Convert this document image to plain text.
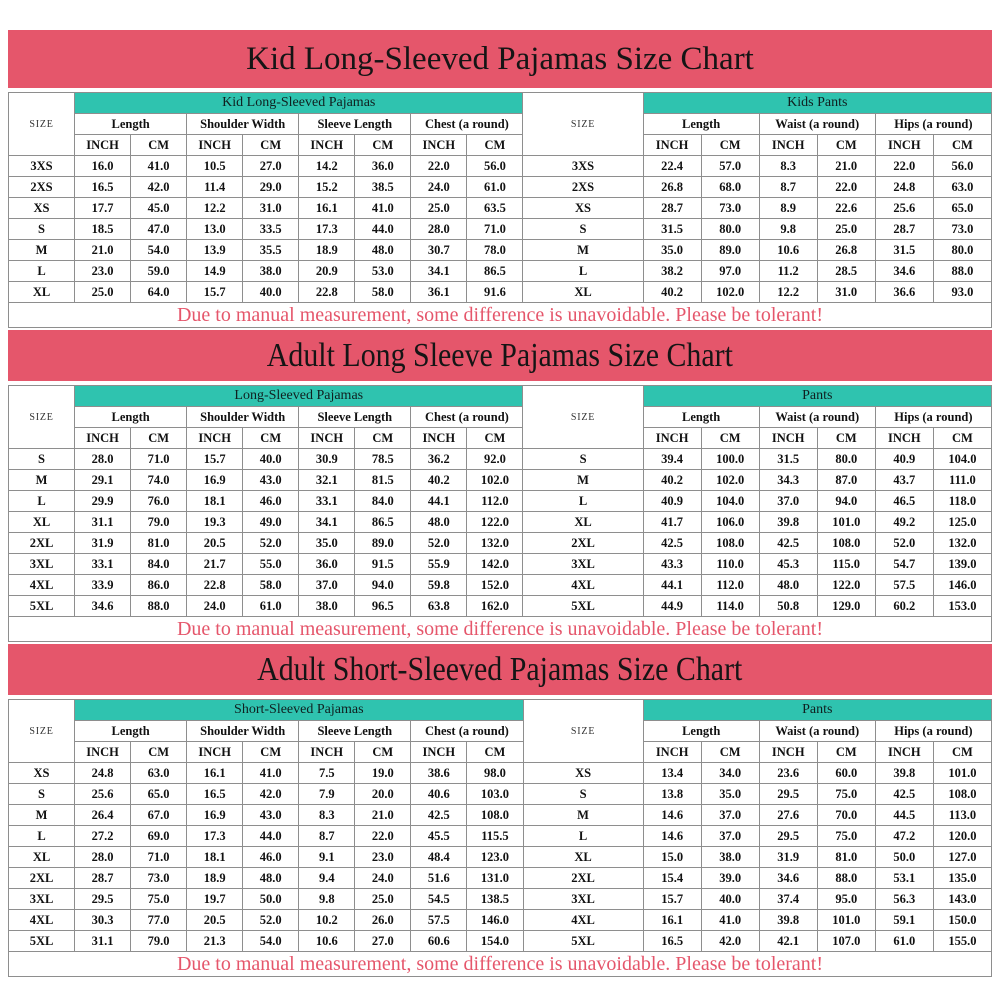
Kid Long-Sleeved Pajamas Size Chart
SIZE	Kid Long-Sleeved Pajamas								SIZE	Kids Pants					
	Length		Shoulder Width		Sleeve Length		Chest (a round)			Length		Waist (a round)		Hips (a round)	
	INCH	CM	INCH	CM	INCH	CM	INCH	CM		INCH	CM	INCH	CM	INCH	CM
3XS	16.0	41.0	10.5	27.0	14.2	36.0	22.0	56.0	3XS	22.4	57.0	8.3	21.0	22.0	56.0
2XS	16.5	42.0	11.4	29.0	15.2	38.5	24.0	61.0	2XS	26.8	68.0	8.7	22.0	24.8	63.0
XS	17.7	45.0	12.2	31.0	16.1	41.0	25.0	63.5	XS	28.7	73.0	8.9	22.6	25.6	65.0
S	18.5	47.0	13.0	33.5	17.3	44.0	28.0	71.0	S	31.5	80.0	9.8	25.0	28.7	73.0
M	21.0	54.0	13.9	35.5	18.9	48.0	30.7	78.0	M	35.0	89.0	10.6	26.8	31.5	80.0
L	23.0	59.0	14.9	38.0	20.9	53.0	34.1	86.5	L	38.2	97.0	11.2	28.5	34.6	88.0
XL	25.0	64.0	15.7	40.0	22.8	58.0	36.1	91.6	XL	40.2	102.0	12.2	31.0	36.6	93.0
Due to manual measurement, some difference is unavoidable. Please be tolerant!															
Adult Long Sleeve Pajamas Size Chart
SIZE	Long-Sleeved Pajamas								SIZE	Pants					
	Length		Shoulder Width		Sleeve Length		Chest (a round)			Length		Waist (a round)		Hips (a round)	
	INCH	CM	INCH	CM	INCH	CM	INCH	CM		INCH	CM	INCH	CM	INCH	CM
S	28.0	71.0	15.7	40.0	30.9	78.5	36.2	92.0	S	39.4	100.0	31.5	80.0	40.9	104.0
M	29.1	74.0	16.9	43.0	32.1	81.5	40.2	102.0	M	40.2	102.0	34.3	87.0	43.7	111.0
L	29.9	76.0	18.1	46.0	33.1	84.0	44.1	112.0	L	40.9	104.0	37.0	94.0	46.5	118.0
XL	31.1	79.0	19.3	49.0	34.1	86.5	48.0	122.0	XL	41.7	106.0	39.8	101.0	49.2	125.0
2XL	31.9	81.0	20.5	52.0	35.0	89.0	52.0	132.0	2XL	42.5	108.0	42.5	108.0	52.0	132.0
3XL	33.1	84.0	21.7	55.0	36.0	91.5	55.9	142.0	3XL	43.3	110.0	45.3	115.0	54.7	139.0
4XL	33.9	86.0	22.8	58.0	37.0	94.0	59.8	152.0	4XL	44.1	112.0	48.0	122.0	57.5	146.0
5XL	34.6	88.0	24.0	61.0	38.0	96.5	63.8	162.0	5XL	44.9	114.0	50.8	129.0	60.2	153.0
Due to manual measurement, some difference is unavoidable. Please be tolerant!															
Adult Short-Sleeved Pajamas Size Chart
SIZE	Short-Sleeved Pajamas								SIZE	Pants					
	Length		Shoulder Width		Sleeve Length		Chest (a round)			Length		Waist (a round)		Hips (a round)	
	INCH	CM	INCH	CM	INCH	CM	INCH	CM		INCH	CM	INCH	CM	INCH	CM
XS	24.8	63.0	16.1	41.0	7.5	19.0	38.6	98.0	XS	13.4	34.0	23.6	60.0	39.8	101.0
S	25.6	65.0	16.5	42.0	7.9	20.0	40.6	103.0	S	13.8	35.0	29.5	75.0	42.5	108.0
M	26.4	67.0	16.9	43.0	8.3	21.0	42.5	108.0	M	14.6	37.0	27.6	70.0	44.5	113.0
L	27.2	69.0	17.3	44.0	8.7	22.0	45.5	115.5	L	14.6	37.0	29.5	75.0	47.2	120.0
XL	28.0	71.0	18.1	46.0	9.1	23.0	48.4	123.0	XL	15.0	38.0	31.9	81.0	50.0	127.0
2XL	28.7	73.0	18.9	48.0	9.4	24.0	51.6	131.0	2XL	15.4	39.0	34.6	88.0	53.1	135.0
3XL	29.5	75.0	19.7	50.0	9.8	25.0	54.5	138.5	3XL	15.7	40.0	37.4	95.0	56.3	143.0
4XL	30.3	77.0	20.5	52.0	10.2	26.0	57.5	146.0	4XL	16.1	41.0	39.8	101.0	59.1	150.0
5XL	31.1	79.0	21.3	54.0	10.6	27.0	60.6	154.0	5XL	16.5	42.0	42.1	107.0	61.0	155.0
Due to manual measurement, some difference is unavoidable. Please be tolerant!															
